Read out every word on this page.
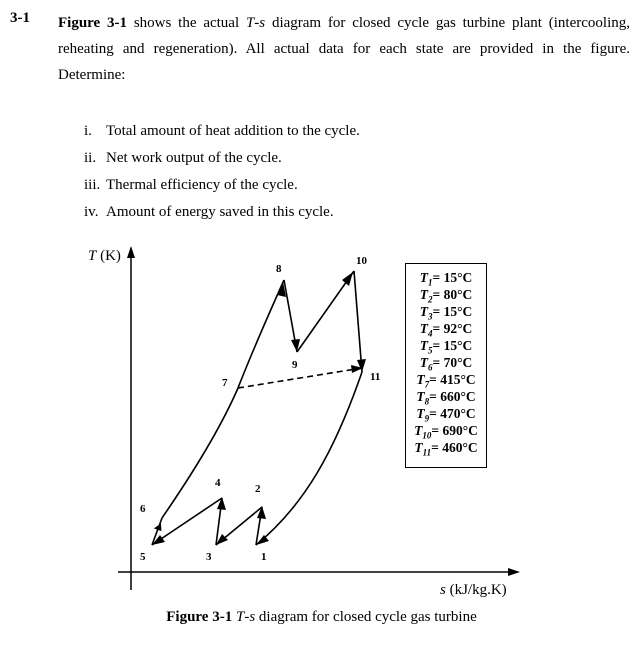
3-1 Figure 3-1 shows the actual T-s diagram for closed cycle gas turbine plant (intercooling, reheating and regeneration). All actual data for each state are provided in the figure. Determine:
i. Total amount of heat addition to the cycle.
ii. Net work output of the cycle.
iii. Thermal efficiency of the cycle.
iv. Amount of energy saved in this cycle.
T (K)
s (kJ/kg.K)
1
2
3
4
5
6
7
8
9
10
11
$T_1= 15^\circ C$
$T_2= 80^\circ C$
$T_3= 15^\circ C$
$T_4= 92^\circ C$
$T_5= 15^\circ C$
$T_6= 70^\circ C$
$T_7= 415^\circ C$
$T_8= 660^\circ C$
$T_9= 470^\circ C$
$T_{10}= 690^\circ C$
$T_{11}= 460^\circ C$
Figure 3-1 T-s diagram for closed cycle gas turbine
